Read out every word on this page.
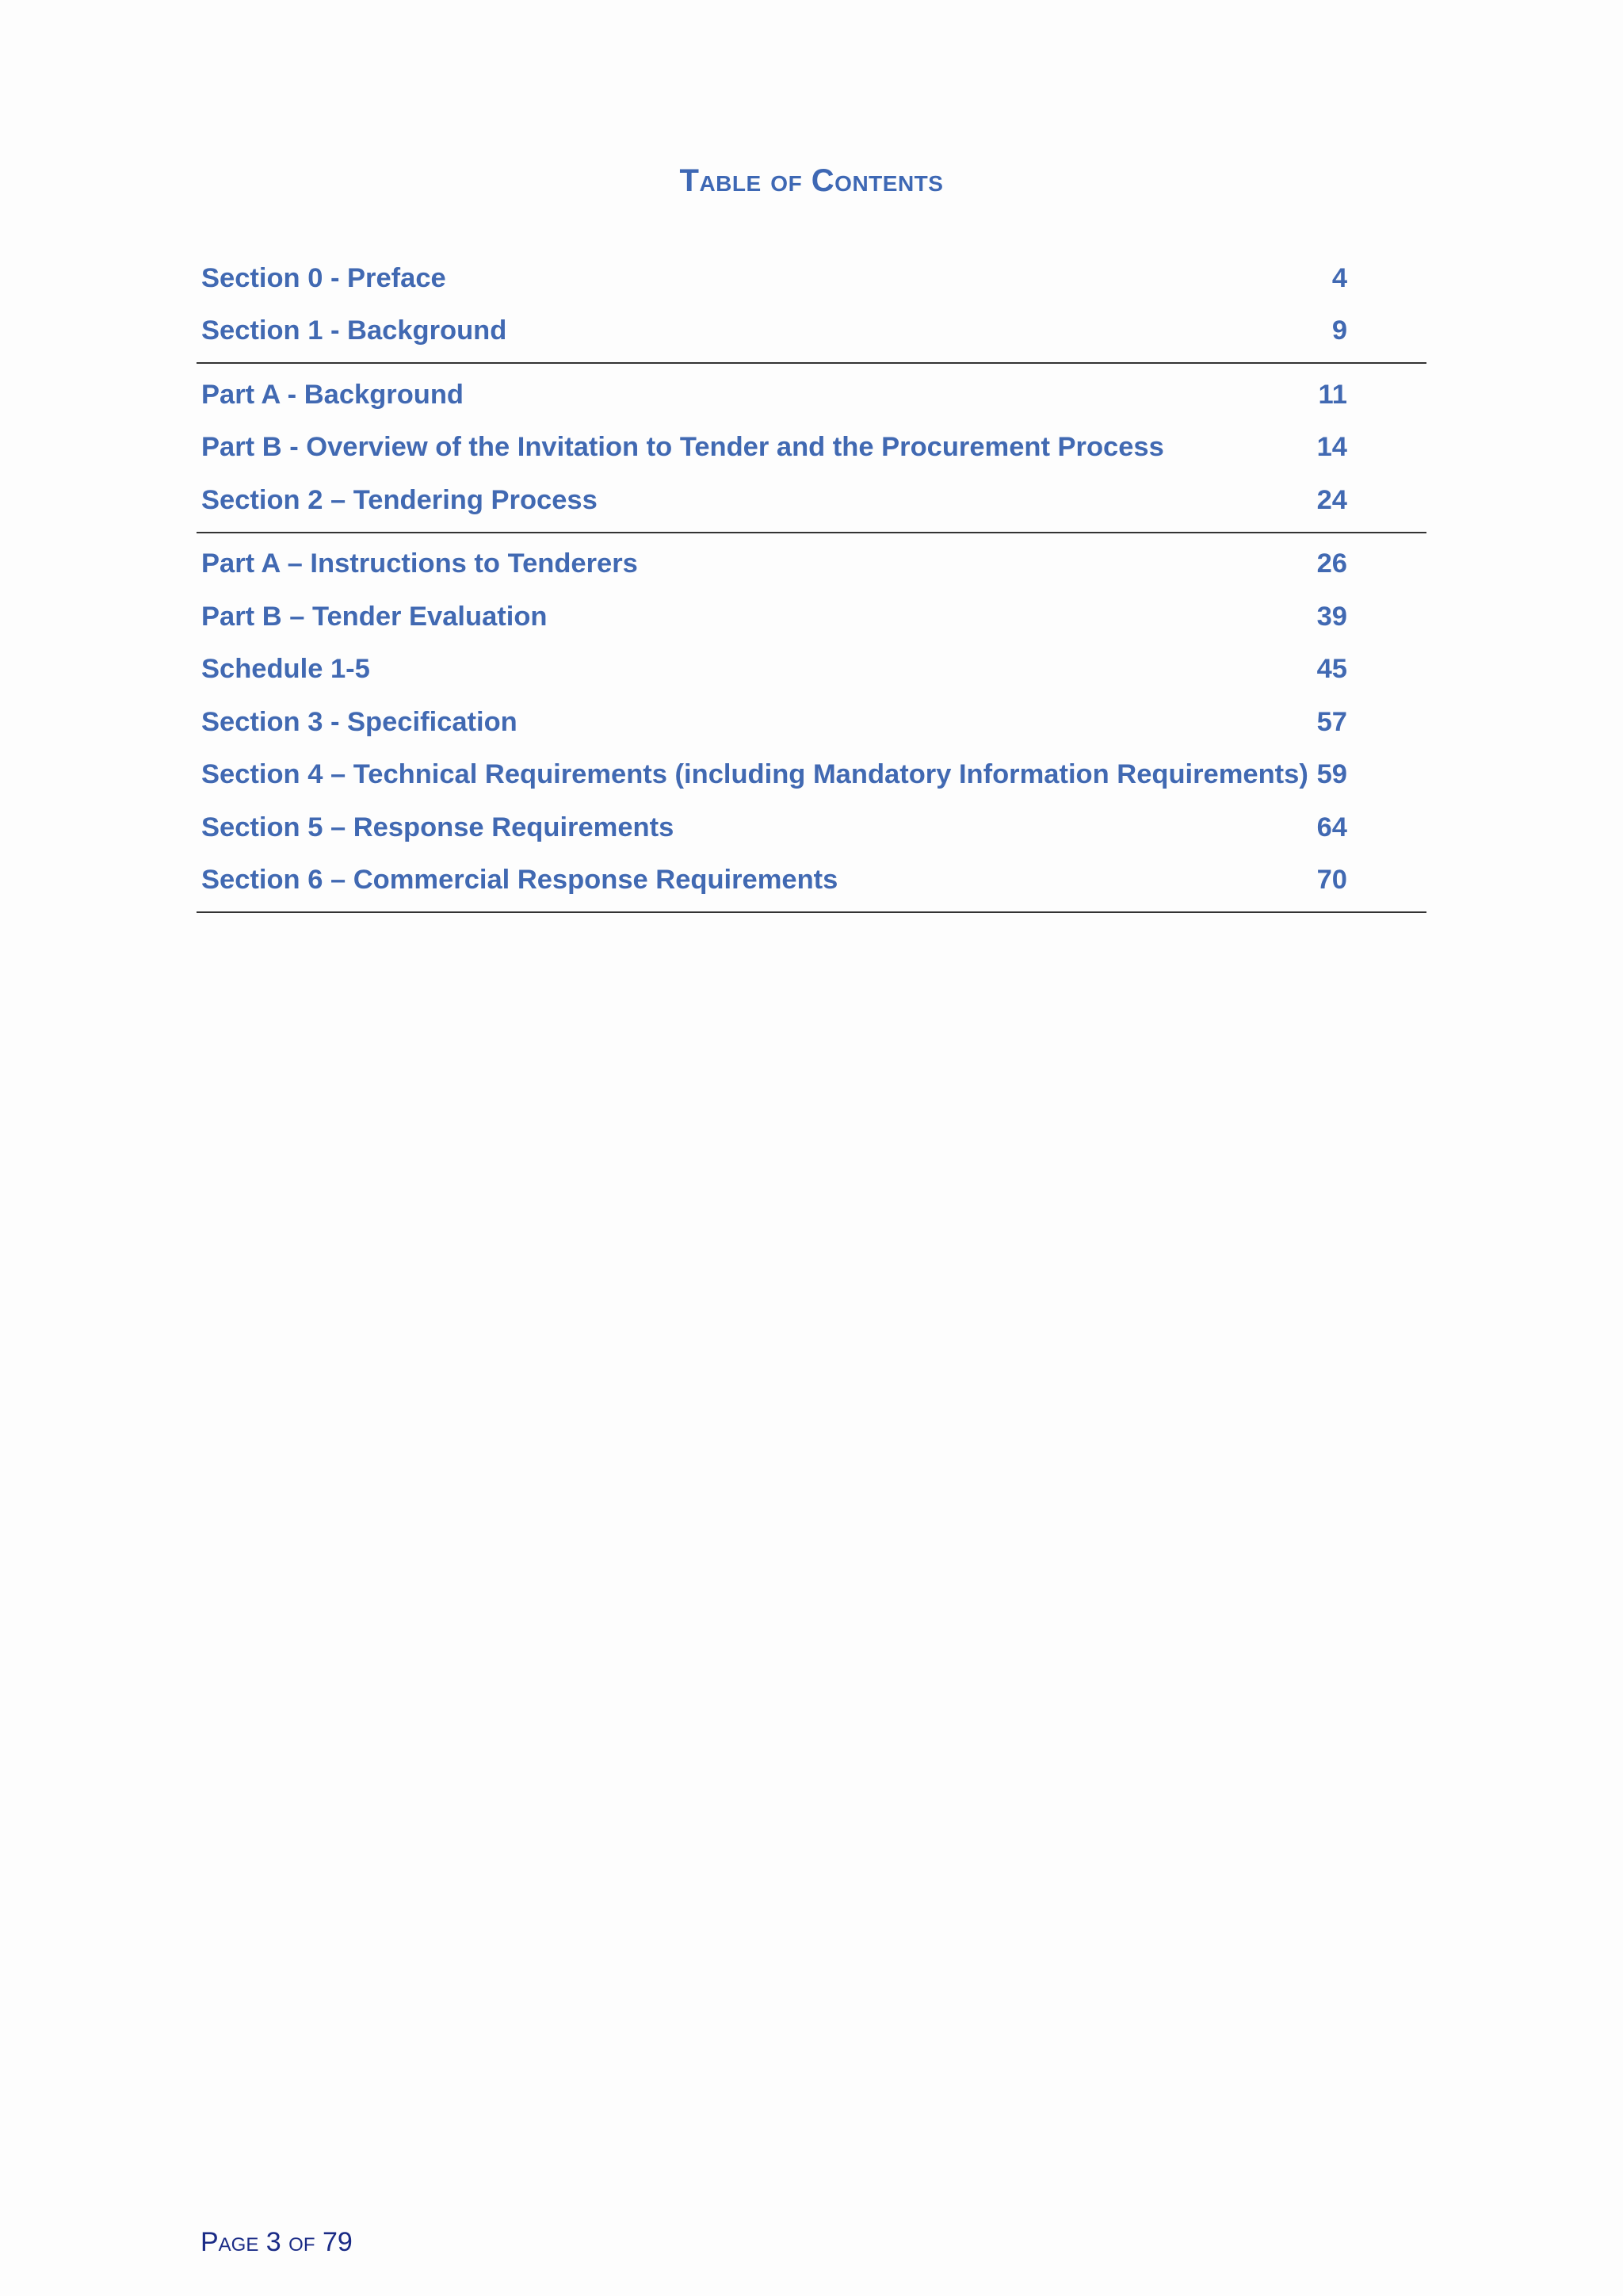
Table of Contents
Section 0 - Preface	4
Section 1 - Background	9
Part A - Background	11
Part B - Overview of the Invitation to Tender and the Procurement Process	14
Section 2 – Tendering Process	24
Part A – Instructions to Tenderers	26
Part B – Tender Evaluation	39
Schedule 1-5	45
Section 3 - Specification	57
Section 4 – Technical Requirements (including Mandatory Information Requirements) 59
Section 5 – Response Requirements	64
Section 6 – Commercial Response Requirements	70
Page 3 of 79
